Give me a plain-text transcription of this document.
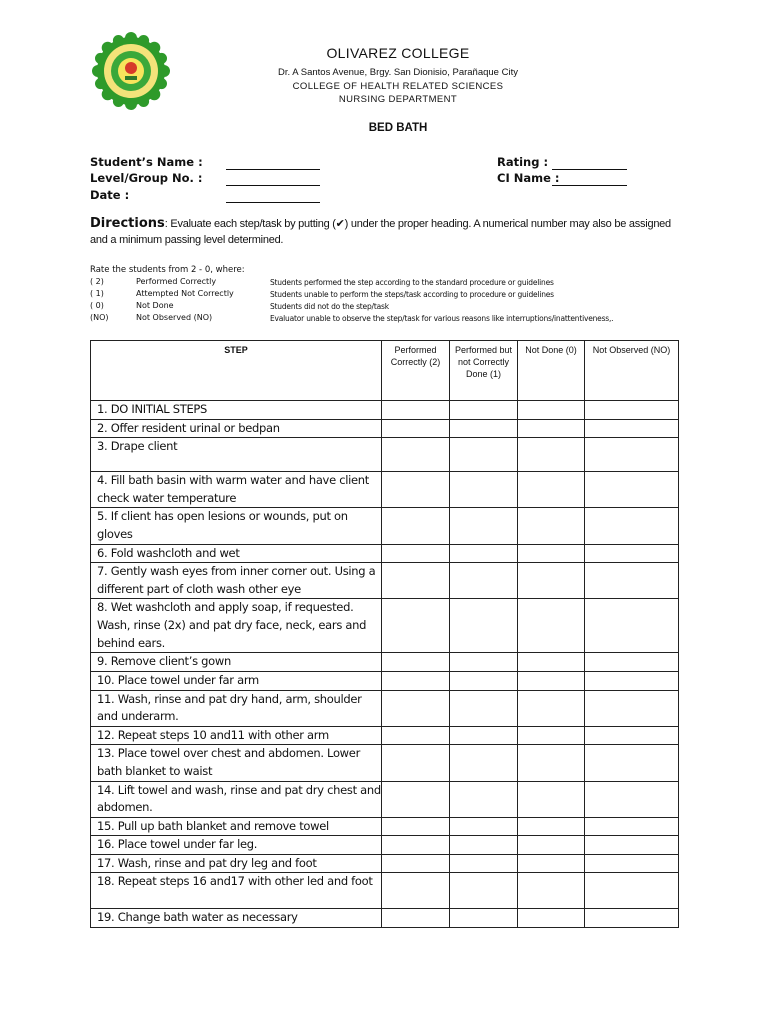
OLIVAREZ COLLEGE
Dr. A Santos Avenue, Brgy. San Dionisio, Parañaque City
COLLEGE OF HEALTH RELATED SCIENCES
NURSING DEPARTMENT
BED BATH
Student’s Name :
Level/Group No. :
Date :
Rating :
CI Name :
Directions: Evaluate each step/task by putting (✔) under the proper heading. A numerical number may also be assigned and a minimum passing level determined.
Rate the students from 2 - 0, where:
( 2)	Performed Correctly	Students performed the step according to the standard procedure or guidelines
( 1)	Attempted Not Correctly	Students unable to perform the steps/task according to procedure or guidelines
( 0)	Not Done	Students did not do the step/task
(NO)	Not Observed (NO)	Evaluator unable to observe the step/task for various reasons like interruptions/inattentiveness,.
STEP	Performed Correctly (2)	Performed but not Correctly Done (1)	Not Done (0)	Not Observed (NO)
1. DO INITIAL STEPS				
2. Offer resident urinal or bedpan				
3. Drape client				
4. Fill bath basin with warm water and have client check water temperature				
5. If client has open lesions or wounds, put on gloves				
6. Fold washcloth and wet				
7. Gently wash eyes from inner corner out. Using a different part of cloth wash other eye				
8. Wet washcloth and apply soap, if requested. Wash, rinse (2x) and pat dry face, neck, ears and behind ears.				
9. Remove client’s gown				
10. Place towel under far arm				
11. Wash, rinse and pat dry hand, arm, shoulder and underarm.				
12. Repeat steps 10 and11 with other arm				
13. Place towel over chest and abdomen. Lower bath blanket to waist				
14. Lift towel and wash, rinse and pat dry chest and abdomen.				
15. Pull up bath blanket and remove towel				
16. Place towel under far leg.				
17. Wash, rinse and pat dry leg and foot				
18. Repeat steps 16 and17 with other led and foot				
19. Change bath water as necessary				
